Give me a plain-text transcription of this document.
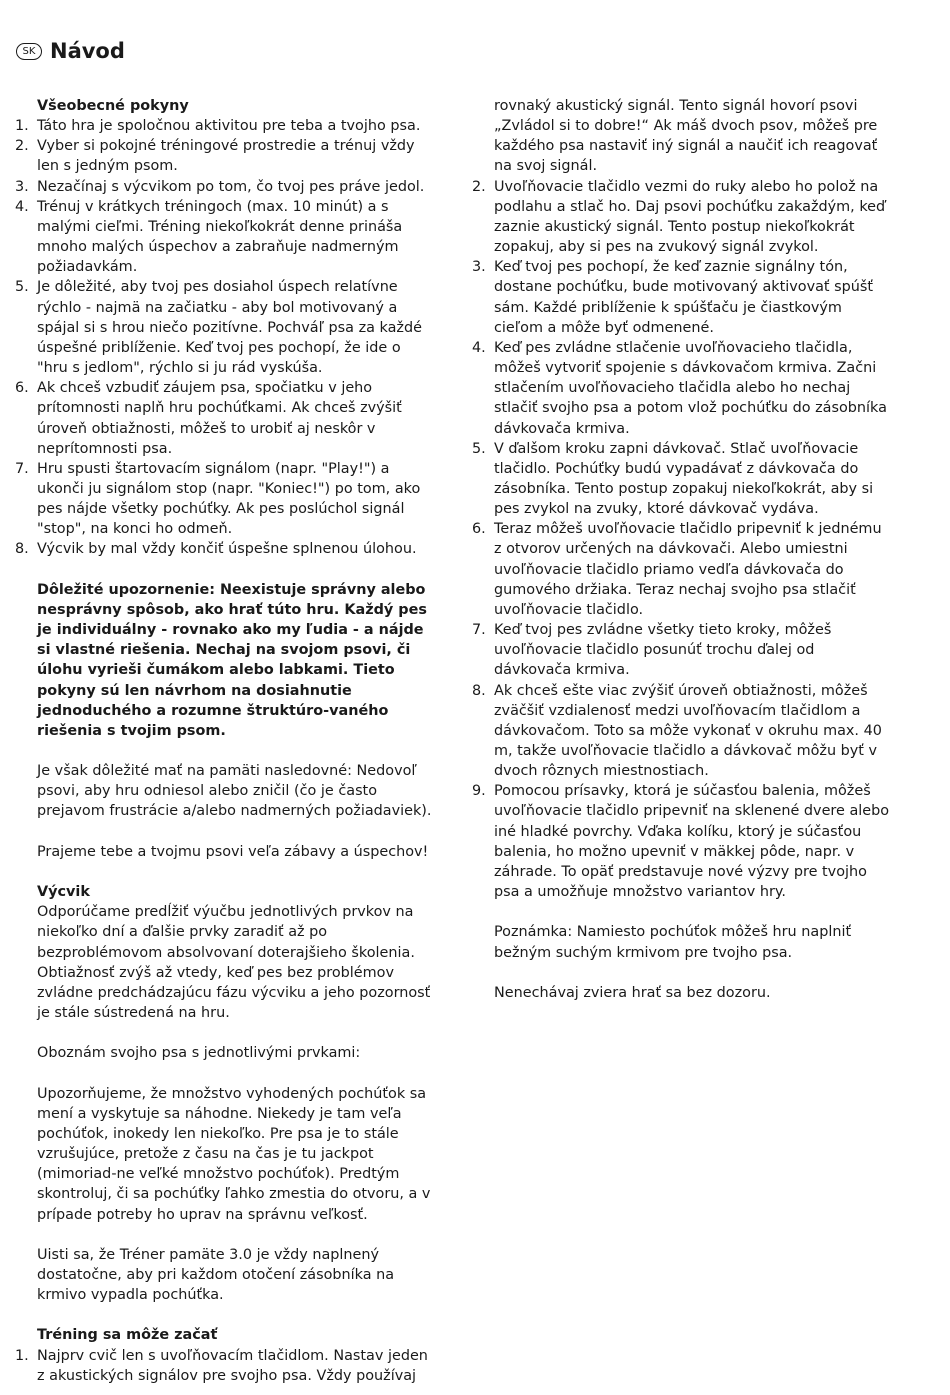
SK Návod

Všeobecné pokyny

1. Táto hra je spoločnou aktivitou pre teba a tvojho psa.
2. Vyber si pokojné tréningové prostredie a trénuj vždy len s jedným psom.
3. Nezačínaj s výcvikom po tom, čo tvoj pes práve jedol.
4. Trénuj v krátkych tréningoch (max. 10 minút) a s malými cieľmi. Tréning niekoľkokrát denne prináša mnoho malých úspechov a zabraňuje nadmerným požiadavkám.
5. Je dôležité, aby tvoj pes dosiahol úspech relatívne rýchlo - najmä na začiatku - aby bol motivovaný a spájal si s hrou niečo pozitívne. Pochváľ psa za každé úspešné priblíženie. Keď tvoj pes pochopí, že ide o "hru s jedlom", rýchlo si ju rád vyskúša.
6. Ak chceš vzbudiť záujem psa, spočiatku v jeho prítomnosti naplň hru pochúťkami. Ak chceš zvýšiť úroveň obtiažnosti, môžeš to urobiť aj neskôr v neprítomnosti psa.
7. Hru spusti štartovacím signálom (napr. "Play!") a ukonči ju signálom stop (napr. "Koniec!") po tom, ako pes nájde všetky pochúťky. Ak pes poslúchol signál "stop", na konci ho odmeň.
8. Výcvik by mal vždy končiť úspešne splnenou úlohou.

Dôležité upozornenie: Neexistuje správny alebo nesprávny spôsob, ako hrať túto hru. Každý pes je individuálny - rovnako ako my ľudia - a nájde si vlastné riešenia. Nechaj na svojom psovi, či úlohu vyrieši čumákom alebo labkami. Tieto pokyny sú len návrhom na dosiahnutie jednoduchého a rozumne štruktúro-vaného riešenia s tvojim psom.

Je však dôležité mať na pamäti nasledovné: Nedovoľ psovi, aby hru odniesol alebo zničil (čo je často prejavom frustrácie a/alebo nadmerných požiadaviek).

Prajeme tebe a tvojmu psovi veľa zábavy a úspechov!

Výcvik

Odporúčame predĺžiť výučbu jednotlivých prvkov na niekoľko dní a ďalšie prvky zaradiť až po bezproblémovom absolvovaní doterajšieho školenia.

Obtiažnosť zvýš až vtedy, keď pes bez problémov zvládne predchádzajúcu fázu výcviku a jeho pozornosť je stále sústredená na hru.

Oboznám svojho psa s jednotlivými prvkami:

Upozorňujeme, že množstvo vyhodených pochúťok sa mení a vyskytuje sa náhodne. Niekedy je tam veľa pochúťok, inokedy len niekoľko. Pre psa je to stále vzrušujúce, pretože z času na čas je tu jackpot (mimoriad-ne veľké množstvo pochúťok). Predtým skontroluj, či sa pochúťky ľahko zmestia do otvoru, a v prípade potreby ho uprav na správnu veľkosť.

Uisti sa, že Tréner pamäte 3.0 je vždy naplnený dostatočne, aby pri každom otočení zásobníka na krmivo vypadla pochúťka.

Tréning sa môže začať

1. Najprv cvič len s uvoľňovacím tlačidlom. Nastav jeden z akustických signálov pre svojho psa. Vždy používaj

rovnaký akustický signál. Tento signál hovorí psovi „Zvládol si to dobre!“ Ak máš dvoch psov, môžeš pre každého psa nastaviť iný signál a naučiť ich reagovať na svoj signál.

2. Uvoľňovacie tlačidlo vezmi do ruky alebo ho polož na podlahu a stlač ho. Daj psovi pochúťku zakaždým, keď zaznie akustický signál. Tento postup niekoľkokrát zopakuj, aby si pes na zvukový signál zvykol.
3. Keď tvoj pes pochopí, že keď zaznie signálny tón, dostane pochúťku, bude motivovaný aktivovať spúšť sám. Každé priblíženie k spúšťaču je čiastkovým cieľom a môže byť odmenené.
4. Keď pes zvládne stlačenie uvoľňovacieho tlačidla, môžeš vytvoriť spojenie s dávkovačom krmiva. Začni stlačením uvoľňovacieho tlačidla alebo ho nechaj stlačiť svojho psa a potom vlož pochúťku do zásobníka dávkovača krmiva.
5. V ďalšom kroku zapni dávkovač. Stlač uvoľňovacie tlačidlo. Pochúťky budú vypadávať z dávkovača do zásobníka. Tento postup zopakuj niekoľkokrát, aby si pes zvykol na zvuky, ktoré dávkovač vydáva.
6. Teraz môžeš uvoľňovacie tlačidlo pripevniť k jednému z otvorov určených na dávkovači. Alebo umiestni uvoľňovacie tlačidlo priamo vedľa dávkovača do gumového držiaka. Teraz nechaj svojho psa stlačiť uvoľňovacie tlačidlo.
7. Keď tvoj pes zvládne všetky tieto kroky, môžeš uvoľňovacie tlačidlo posunúť trochu ďalej od dávkovača krmiva.
8. Ak chceš ešte viac zvýšiť úroveň obtiažnosti, môžeš zväčšiť vzdialenosť medzi uvoľňovacím tlačidlom a dávkovačom. Toto sa môže vykonať v okruhu max. 40 m, takže uvoľňovacie tlačidlo a dávkovač môžu byť v dvoch rôznych miestnostiach.
9. Pomocou prísavky, ktorá je súčasťou balenia, môžeš uvoľňovacie tlačidlo pripevniť na sklenené dvere alebo iné hladké povrchy. Vďaka kolíku, ktorý je súčasťou balenia, ho možno upevniť v mäkkej pôde, napr. v záhrade. To opäť predstavuje nové výzvy pre tvojho psa a umožňuje množstvo variantov hry.

Poznámka: Namiesto pochúťok môžeš hru naplniť bežným suchým krmivom pre tvojho psa.

Nenechávaj zviera hrať sa bez dozoru.
